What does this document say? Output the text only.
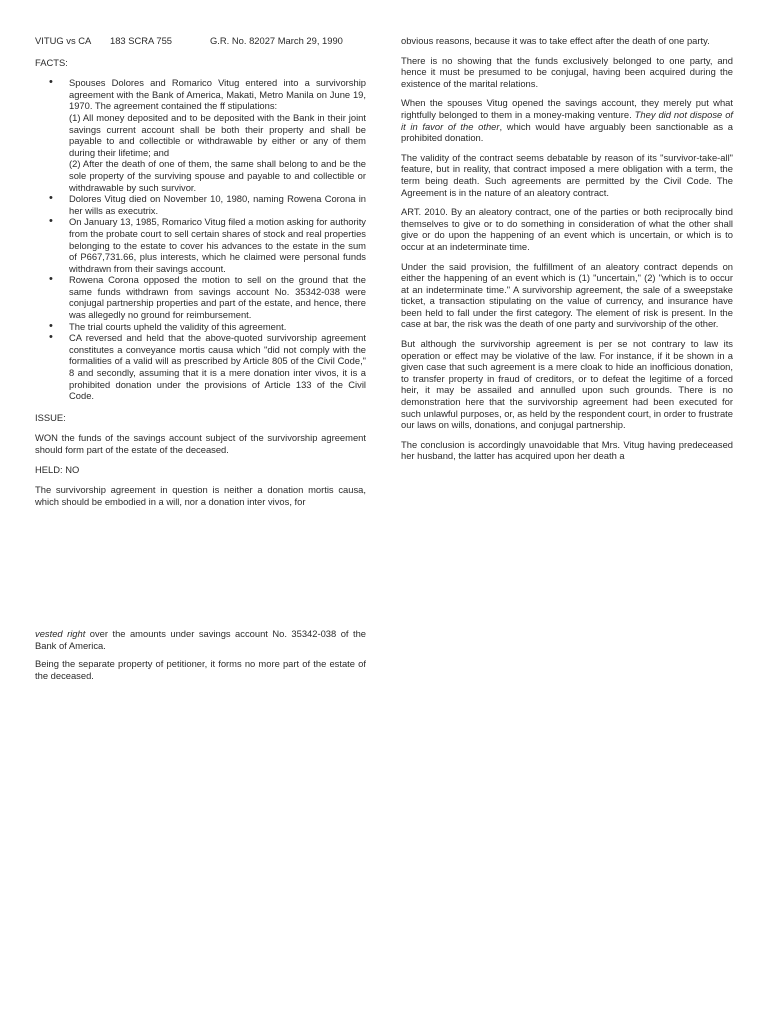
VITUG vs CA	183 SCRA 755	G.R. No. 82027 March 29, 1990
FACTS:
• Spouses Dolores and Romarico Vitug entered into a survivorship agreement with the Bank of America, Makati, Metro Manila on June 19, 1970. The agreement contained the ff stipulations:
(1) All money deposited and to be deposited with the Bank in their joint savings current account shall be both their property and shall be payable to and collectible or withdrawable by either or any of them during their lifetime; and
(2) After the death of one of them, the same shall belong to and be the sole property of the surviving spouse and payable to and collectible or withdrawable by such survivor.
• Dolores Vitug died on November 10, 1980, naming Rowena Corona in her wills as executrix.
• On January 13, 1985, Romarico Vitug filed a motion asking for authority from the probate court to sell certain shares of stock and real properties belonging to the estate to cover his advances to the estate in the sum of P667,731.66, plus interests, which he claimed were personal funds withdrawn from their savings account.
• Rowena Corona opposed the motion to sell on the ground that the same funds withdrawn from savings account No. 35342-038 were conjugal partnership properties and part of the estate, and hence, there was allegedly no ground for reimbursement.
• The trial courts upheld the validity of this agreement.
• CA reversed and held that the above-quoted survivorship agreement constitutes a conveyance mortis causa which "did not comply with the formalities of a valid will as prescribed by Article 805 of the Civil Code," 8 and secondly, assuming that it is a mere donation inter vivos, it is a prohibited donation under the provisions of Article 133 of the Civil Code.
ISSUE:

WON the funds of the savings account subject of the survivorship agreement should form part of the estate of the deceased.

HELD: NO

The survivorship agreement in question is neither a donation mortis causa, which should be embodied in a will, nor a donation inter vivos, for

vested right over the amounts under savings account No. 35342-038 of the Bank of America.

Being the separate property of petitioner, it forms no more part of the estate of the deceased.

obvious reasons, because it was to take effect after the death of one party.

There is no showing that the funds exclusively belonged to one party, and hence it must be presumed to be conjugal, having been acquired during the existence of the marital relations.

When the spouses Vitug opened the savings account, they merely put what rightfully belonged to them in a money-making venture. They did not dispose of it in favor of the other, which would have arguably been sanctionable as a prohibited donation.

The validity of the contract seems debatable by reason of its "survivor-take-all" feature, but in reality, that contract imposed a mere obligation with a term, the term being death. Such agreements are permitted by the Civil Code. The Agreement is in the nature of an aleatory contract.

ART. 2010. By an aleatory contract, one of the parties or both reciprocally bind themselves to give or to do something in consideration of what the other shall give or do upon the happening of an event which is uncertain, or which is to occur at an indeterminate time.

Under the said provision, the fulfillment of an aleatory contract depends on either the happening of an event which is (1) "uncertain," (2) "which is to occur at an indeterminate time." A survivorship agreement, the sale of a sweepstake ticket, a transaction stipulating on the value of currency, and insurance have been held to fall under the first category. The element of risk is present. In the case at bar, the risk was the death of one party and survivorship of the other.

But although the survivorship agreement is per se not contrary to law its operation or effect may be violative of the law. For instance, if it be shown in a given case that such agreement is a mere cloak to hide an inofficious donation, to transfer property in fraud of creditors, or to defeat the legitime of a forced heir, it may be assailed and annulled upon such grounds. There is no demonstration here that the survivorship agreement had been executed for such unlawful purposes, or, as held by the respondent court, in order to frustrate our laws on wills, donations, and conjugal partnership.

The conclusion is accordingly unavoidable that Mrs. Vitug having predeceased her husband, the latter has acquired upon her death a
